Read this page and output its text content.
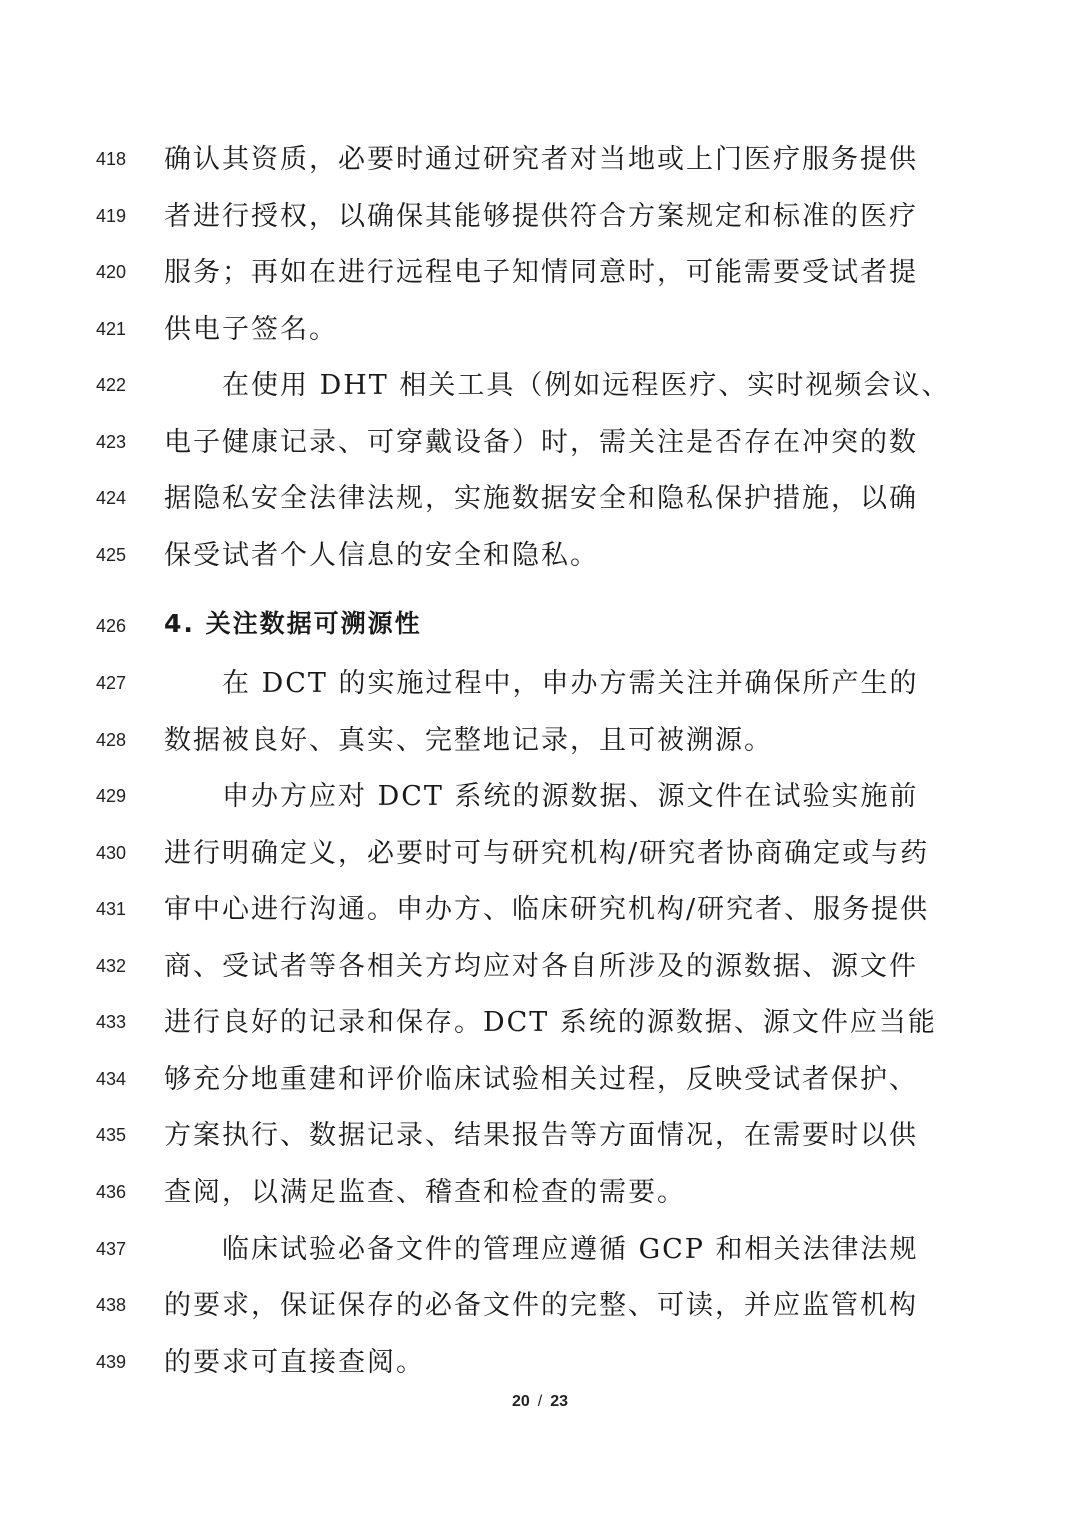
418	确认其资质，必要时通过研究者对当地或上门医疗服务提供
419	者进行授权，以确保其能够提供符合方案规定和标准的医疗
420	服务；再如在进行远程电子知情同意时，可能需要受试者提
421	供电子签名。
422	在使用 DHT 相关工具（例如远程医疗、实时视频会议、
423	电子健康记录、可穿戴设备）时，需关注是否存在冲突的数
424	据隐私安全法律法规，实施数据安全和隐私保护措施，以确
425	保受试者个人信息的安全和隐私。
426	4. 关注数据可溯源性
427	在 DCT 的实施过程中，申办方需关注并确保所产生的
428	数据被良好、真实、完整地记录，且可被溯源。
429	申办方应对 DCT 系统的源数据、源文件在试验实施前
430	进行明确定义，必要时可与研究机构/研究者协商确定或与药
431	审中心进行沟通。申办方、临床研究机构/研究者、服务提供
432	商、受试者等各相关方均应对各自所涉及的源数据、源文件
433	进行良好的记录和保存。DCT 系统的源数据、源文件应当能
434	够充分地重建和评价临床试验相关过程，反映受试者保护、
435	方案执行、数据记录、结果报告等方面情况，在需要时以供
436	查阅，以满足监查、稽查和检查的需要。
437	临床试验必备文件的管理应遵循 GCP 和相关法律法规
438	的要求，保证保存的必备文件的完整、可读，并应监管机构
439	的要求可直接查阅。
20 / 23
